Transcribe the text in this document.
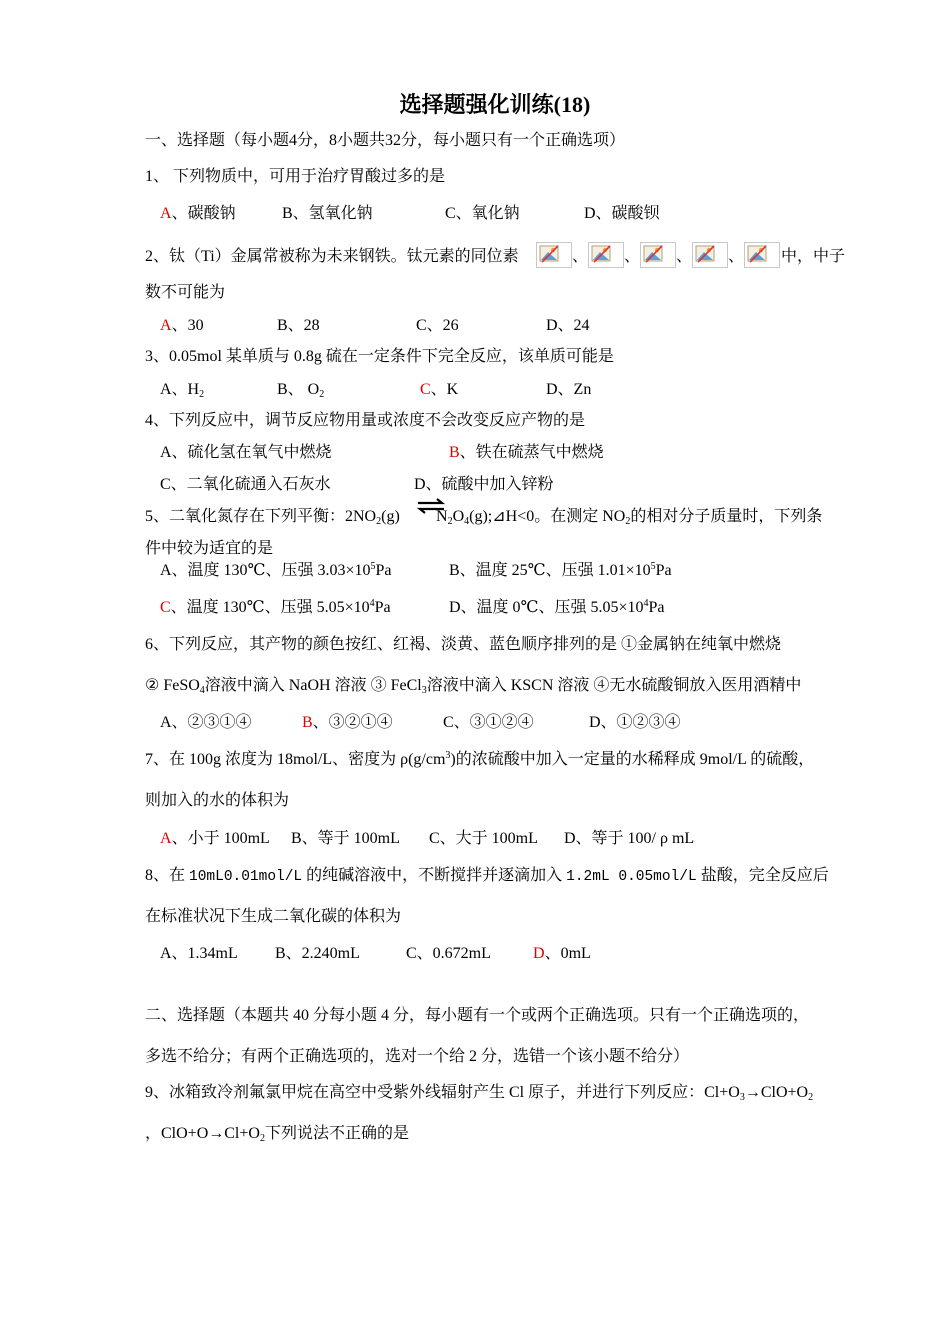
选择题强化训练(18)
一、选择题（每小题4分，8小题共32分，每小题只有一个正确选项）
1、 下列物质中，可用于治疗胃酸过多的是
A、碳酸钠	B、氢氧化钠	C、氧化钠	D、碳酸钡
2、钛（Ti）金属常被称为未来钢铁。钛元素的同位素	、 、 、 、 中，中子
数不可能为
A、30	B、28	C、26	D、24
3、0.05mol 某单质与 0.8g 硫在一定条件下完全反应，该单质可能是
A、$H_2$	B、 $O_2$	C、K	D、Zn
4、下列反应中，调节反应物用量或浓度不会改变反应产物的是
A、硫化氢在氧气中燃烧	B、铁在硫蒸气中燃烧
C、二氧化硫通入石灰水	D、硫酸中加入锌粉
5、二氧化氮存在下列平衡：$2NO_2(g)$ $N_2O_4(g);⊿H<0$。在测定 $NO_2$的相对分子质量时，下列条
件中较为适宜的是
A、温度 130℃、压强 $3.03\times 10^5Pa$	B、温度 25℃、压强 $1.01\times 10^5Pa$
C、温度 130℃、压强 $5.05\times 10^4Pa$	D、温度 0℃、压强 $5.05\times 10^4Pa$
6、下列反应，其产物的颜色按红、红褐、淡黄、蓝色顺序排列的是 ①金属钠在纯氧中燃烧
② FeSO$_4$溶液中滴入 NaOH 溶液 ③ FeCl$_3$溶液中滴入 KSCN 溶液 ④无水硫酸铜放入医用酒精中
A、②③①④	B、③②①④	C、③①②④	D、①②③④
7、在 100g 浓度为 18mol/L、密度为 $\rho(g/cm^3)$的浓硫酸中加入一定量的水稀释成 9mol/L 的硫酸，
则加入的水的体积为
A、小于 100mL B、等于 100mL C、大于 100mL D、等于 100/ ρ mL
8、在 10mL0.01mol/L 的纯碱溶液中，不断搅拌并逐滴加入 1.2mL 0.05mol/L 盐酸，完全反应后
在标准状况下生成二氧化碳的体积为
A、1.34mL B、2.240mL	C、0.672mL	D、0mL
二、选择题（本题共 40 分每小题 4 分，每小题有一个或两个正确选项。只有一个正确选项的，
多选不给分；有两个正确选项的，选对一个给 2 分，选错一个该小题不给分）
9、冰箱致冷剂氟氯甲烷在高空中受紫外线辐射产生 Cl 原子，并进行下列反应：$Cl+O_3\to ClO+O_2$
，$ClO+O\to Cl+O_2$下列说法不正确的是
